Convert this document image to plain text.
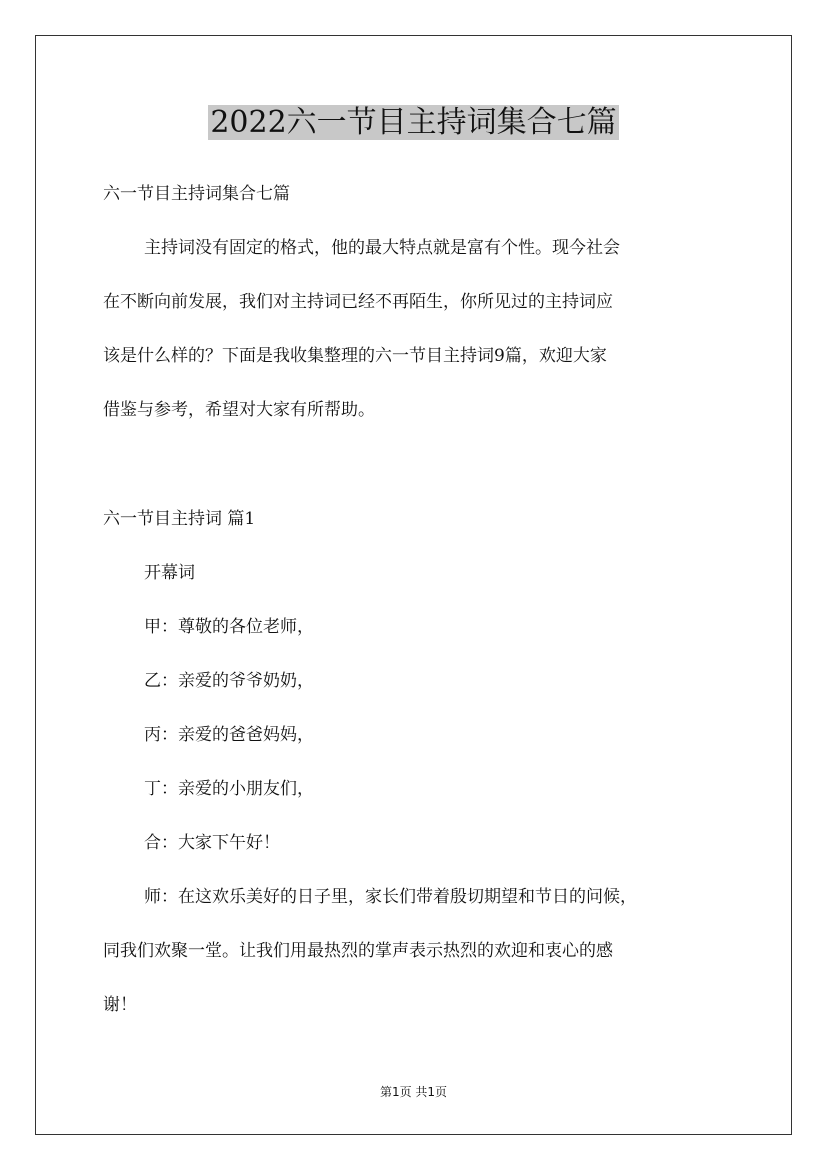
2022六一节目主持词集合七篇
六一节目主持词集合七篇
主持词没有固定的格式，他的最大特点就是富有个性。现今社会
在不断向前发展，我们对主持词已经不再陌生，你所见过的主持词应
该是什么样的？下面是我收集整理的六一节目主持词9篇，欢迎大家
借鉴与参考，希望对大家有所帮助。
六一节目主持词 篇1
开幕词
甲：尊敬的各位老师，
乙：亲爱的爷爷奶奶，
丙：亲爱的爸爸妈妈，
丁：亲爱的小朋友们，
合：大家下午好！
师：在这欢乐美好的日子里，家长们带着殷切期望和节日的问候，
同我们欢聚一堂。让我们用最热烈的掌声表示热烈的欢迎和衷心的感
谢！
第1页 共1页
